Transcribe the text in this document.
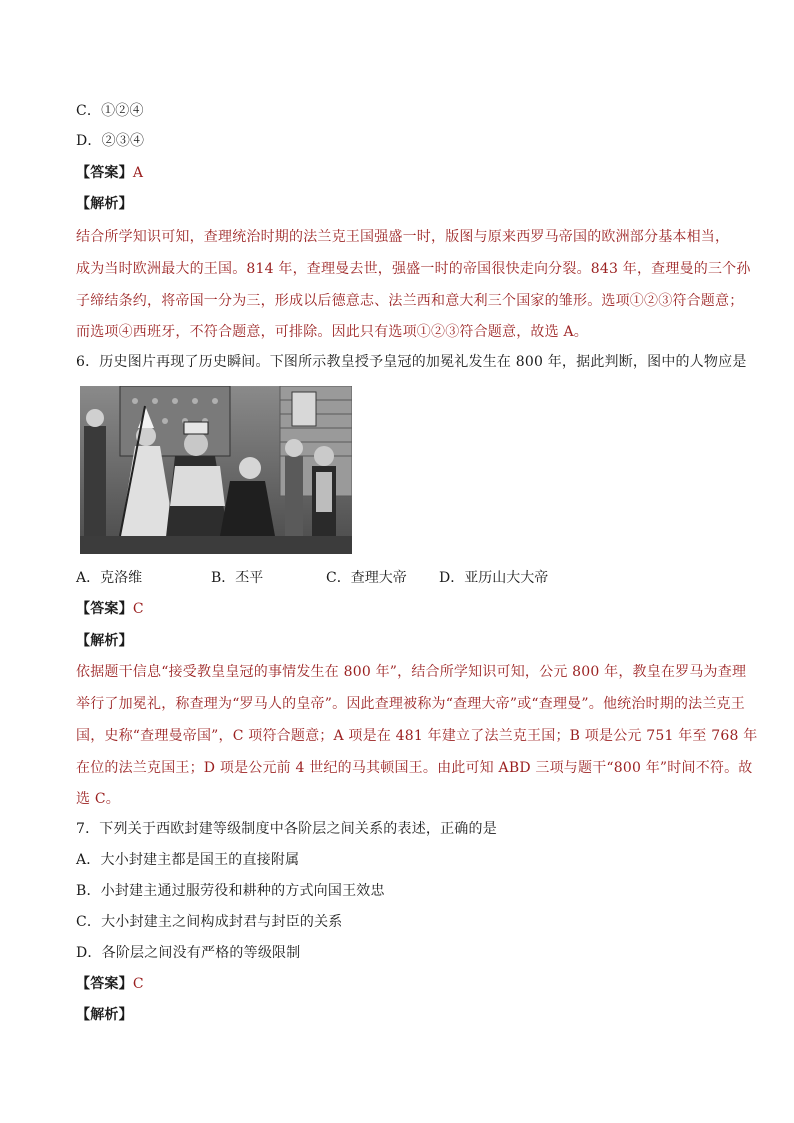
C．①②④
D．②③④
【答案】A
【解析】
结合所学知识可知，查理统治时期的法兰克王国强盛一时，版图与原来西罗马帝国的欧洲部分基本相当，
成为当时欧洲最大的王国。814 年，查理曼去世，强盛一时的帝国很快走向分裂。843 年，查理曼的三个孙
子缔结条约，将帝国一分为三，形成以后德意志、法兰西和意大利三个国家的雏形。选项①②③符合题意；
而选项④西班牙，不符合题意，可排除。因此只有选项①②③符合题意，故选 A。
6．历史图片再现了历史瞬间。下图所示教皇授予皇冠的加冕礼发生在 800 年，据此判断，图中的人物应是
A．克洛维	B．丕平	C．查理大帝 D．亚历山大大帝
【答案】C
【解析】
依据题干信息“接受教皇皇冠的事情发生在 800 年”，结合所学知识可知，公元 800 年，教皇在罗马为查理
举行了加冕礼，称查理为“罗马人的皇帝”。因此查理被称为“查理大帝”或“查理曼”。他统治时期的法兰克王
国，史称“查理曼帝国”，C 项符合题意；A 项是在 481 年建立了法兰克王国；B 项是公元 751 年至 768 年
在位的法兰克国王；D 项是公元前 4 世纪的马其顿国王。由此可知 ABD 三项与题干“800 年”时间不符。故
选 C。
7．下列关于西欧封建等级制度中各阶层之间关系的表述，正确的是
A．大小封建主都是国王的直接附属
B．小封建主通过服劳役和耕种的方式向国王效忠
C．大小封建主之间构成封君与封臣的关系
D．各阶层之间没有严格的等级限制
【答案】C
【解析】
